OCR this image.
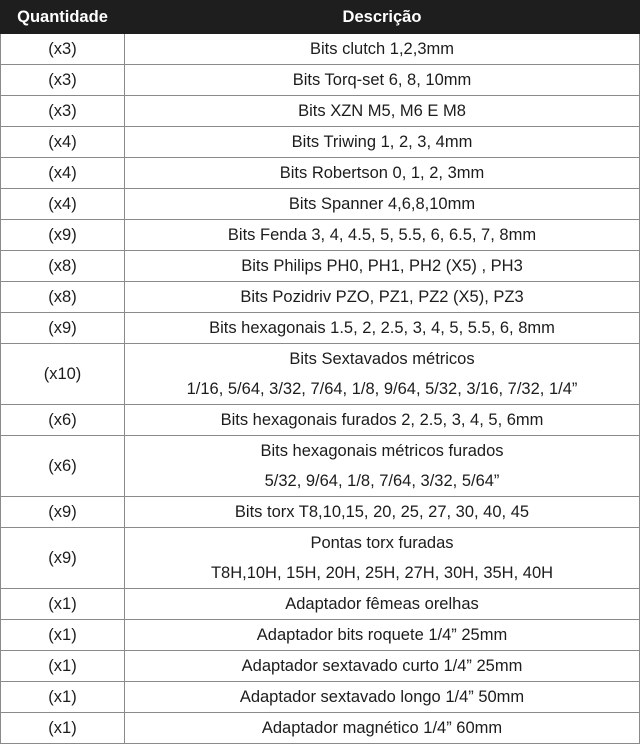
Quantidade	Descrição
(x3)	Bits clutch 1,2,3mm

(x3)	Bits Torq-set 6, 8, 10mm

(x3)	Bits XZN M5, M6 E M8

(x4)	Bits Triwing 1, 2, 3, 4mm

(x4)	Bits Robertson 0, 1, 2, 3mm

(x4)	Bits Spanner 4,6,8,10mm

(x9)	Bits Fenda 3, 4, 4.5, 5, 5.5, 6, 6.5, 7, 8mm

(x8)	Bits Philips PH0, PH1, PH2 (X5) , PH3

(x8)	Bits Pozidriv PZO, PZ1, PZ2 (X5), PZ3

(x9)	Bits hexagonais 1.5, 2, 2.5, 3, 4, 5, 5.5, 6, 8mm

(x10)	Bits Sextavados métricos
1/16, 5/64, 3/32, 7/64, 1/8, 9/64, 5/32, 3/16, 7/32, 1/4”

(x6)	Bits hexagonais furados 2, 2.5, 3, 4, 5, 6mm

(x6)	Bits hexagonais métricos furados
5/32, 9/64, 1/8, 7/64, 3/32, 5/64”

(x9)	Bits torx T8,10,15, 20, 25, 27, 30, 40, 45

(x9)	Pontas torx furadas
T8H,10H, 15H, 20H, 25H, 27H, 30H, 35H, 40H

(x1)	Adaptador fêmeas orelhas

(x1)	Adaptador bits roquete 1/4” 25mm

(x1)	Adaptador sextavado curto 1/4” 25mm

(x1)	Adaptador sextavado longo 1/4” 50mm

(x1)	Adaptador magnético 1/4” 60mm
